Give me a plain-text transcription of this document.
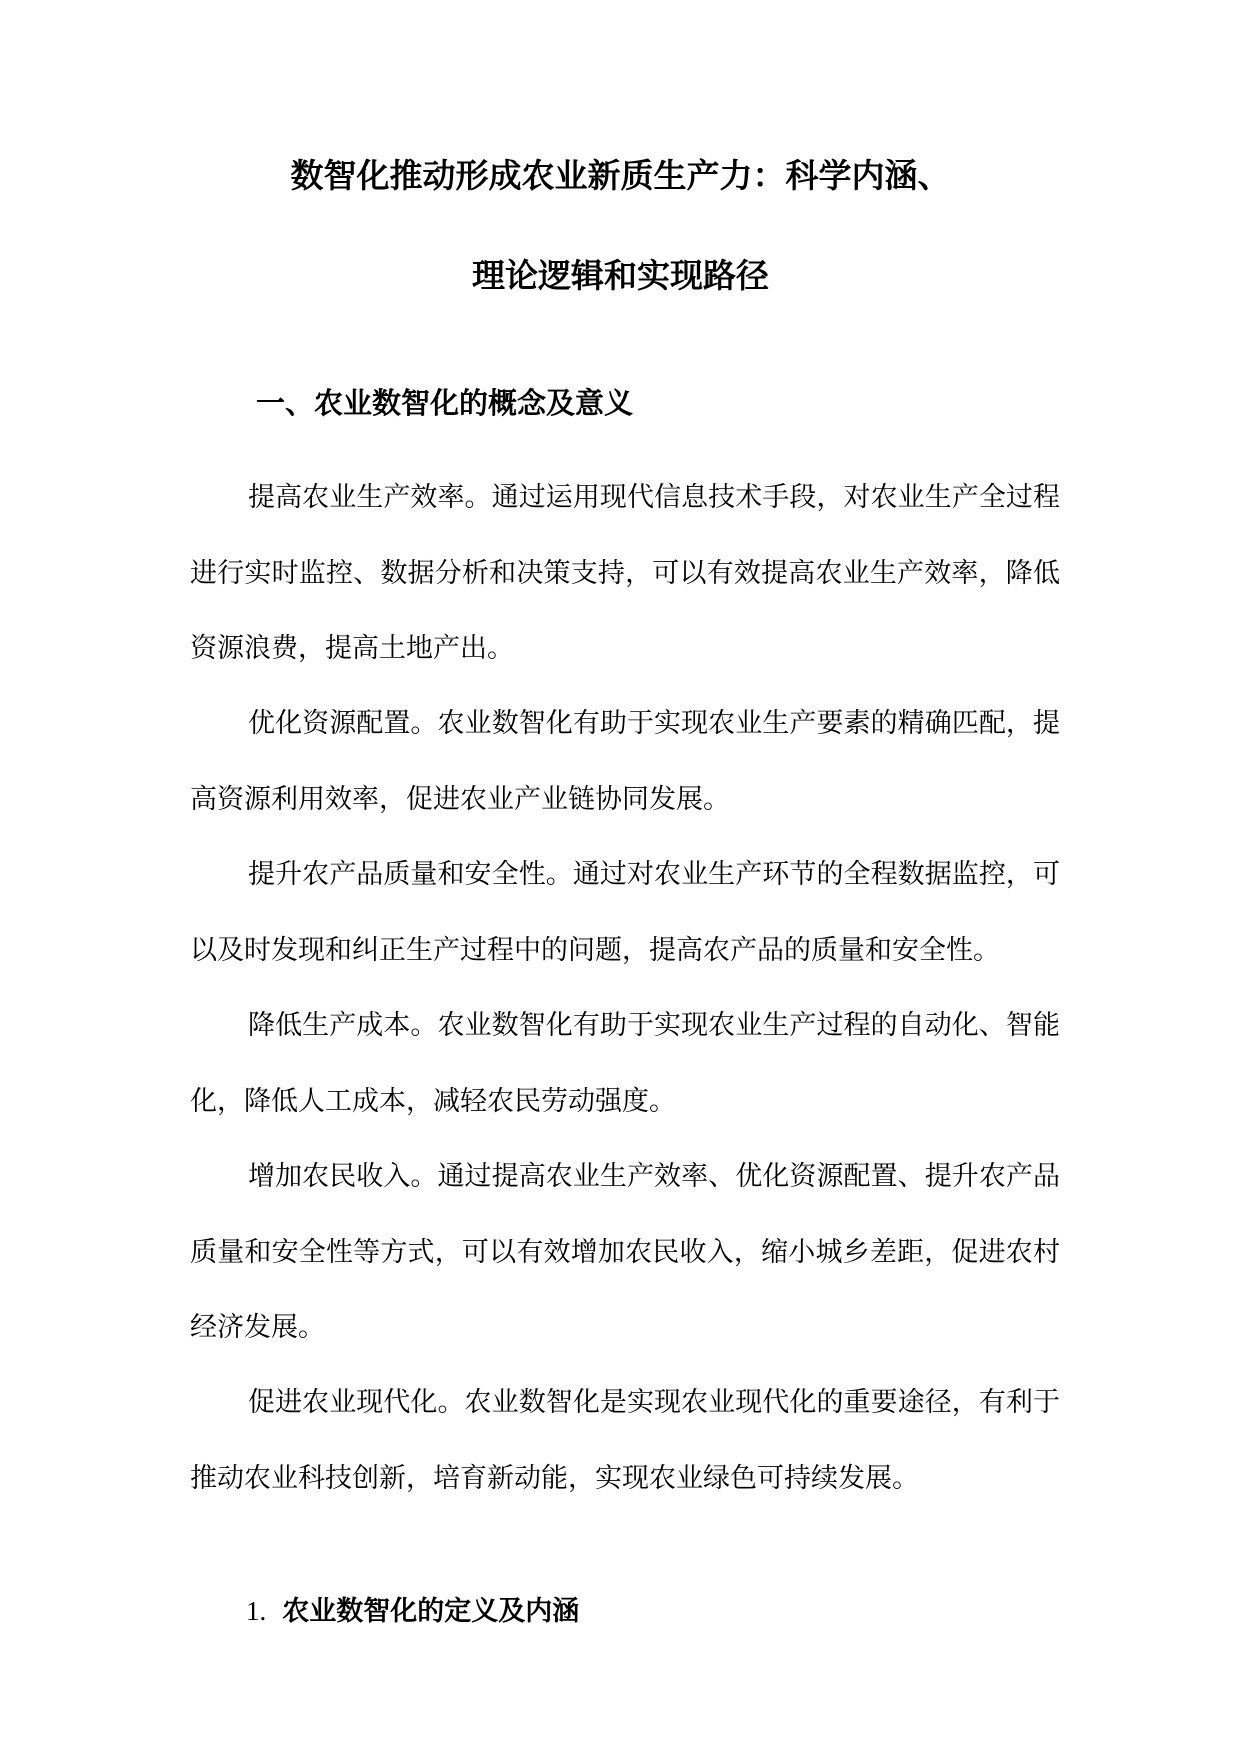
数智化推动形成农业新质生产力：科学内涵、
理论逻辑和实现路径
一、农业数智化的概念及意义

提高农业生产效率。通过运用现代信息技术手段，对农业生产全过程进行实时监控、数据分析和决策支持，可以有效提高农业生产效率，降低资源浪费，提高土地产出。

优化资源配置。农业数智化有助于实现农业生产要素的精确匹配，提高资源利用效率，促进农业产业链协同发展。

提升农产品质量和安全性。通过对农业生产环节的全程数据监控，可以及时发现和纠正生产过程中的问题，提高农产品的质量和安全性。

降低生产成本。农业数智化有助于实现农业生产过程的自动化、智能化，降低人工成本，减轻农民劳动强度。

增加农民收入。通过提高农业生产效率、优化资源配置、提升农产品质量和安全性等方式，可以有效增加农民收入，缩小城乡差距，促进农村经济发展。

促进农业现代化。农业数智化是实现农业现代化的重要途径，有利于推动农业科技创新，培育新动能，实现农业绿色可持续发展。

1. 农业数智化的定义及内涵
